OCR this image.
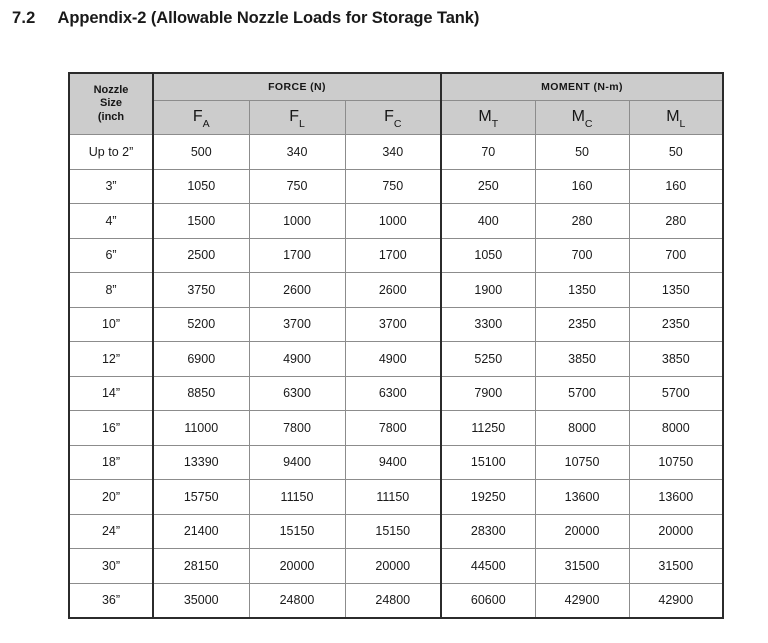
7.2 Appendix-2 (Allowable Nozzle Loads for Storage Tank)
Nozzle
Size
(inch	FORCE (N)			MOMENT (N-m)		
	$F_A$	$F_L$	$F_C$	$M_T$	$M_C$	$M_L$
Up to 2”	500	340	340	70	50	50
3”	1050	750	750	250	160	160
4”	1500	1000	1000	400	280	280
6”	2500	1700	1700	1050	700	700
8”	3750	2600	2600	1900	1350	1350
10”	5200	3700	3700	3300	2350	2350
12”	6900	4900	4900	5250	3850	3850
14”	8850	6300	6300	7900	5700	5700
16”	11000	7800	7800	11250	8000	8000
18”	13390	9400	9400	15100	10750	10750
20”	15750	11150	11150	19250	13600	13600
24”	21400	15150	15150	28300	20000	20000
30”	28150	20000	20000	44500	31500	31500
36”	35000	24800	24800	60600	42900	42900
